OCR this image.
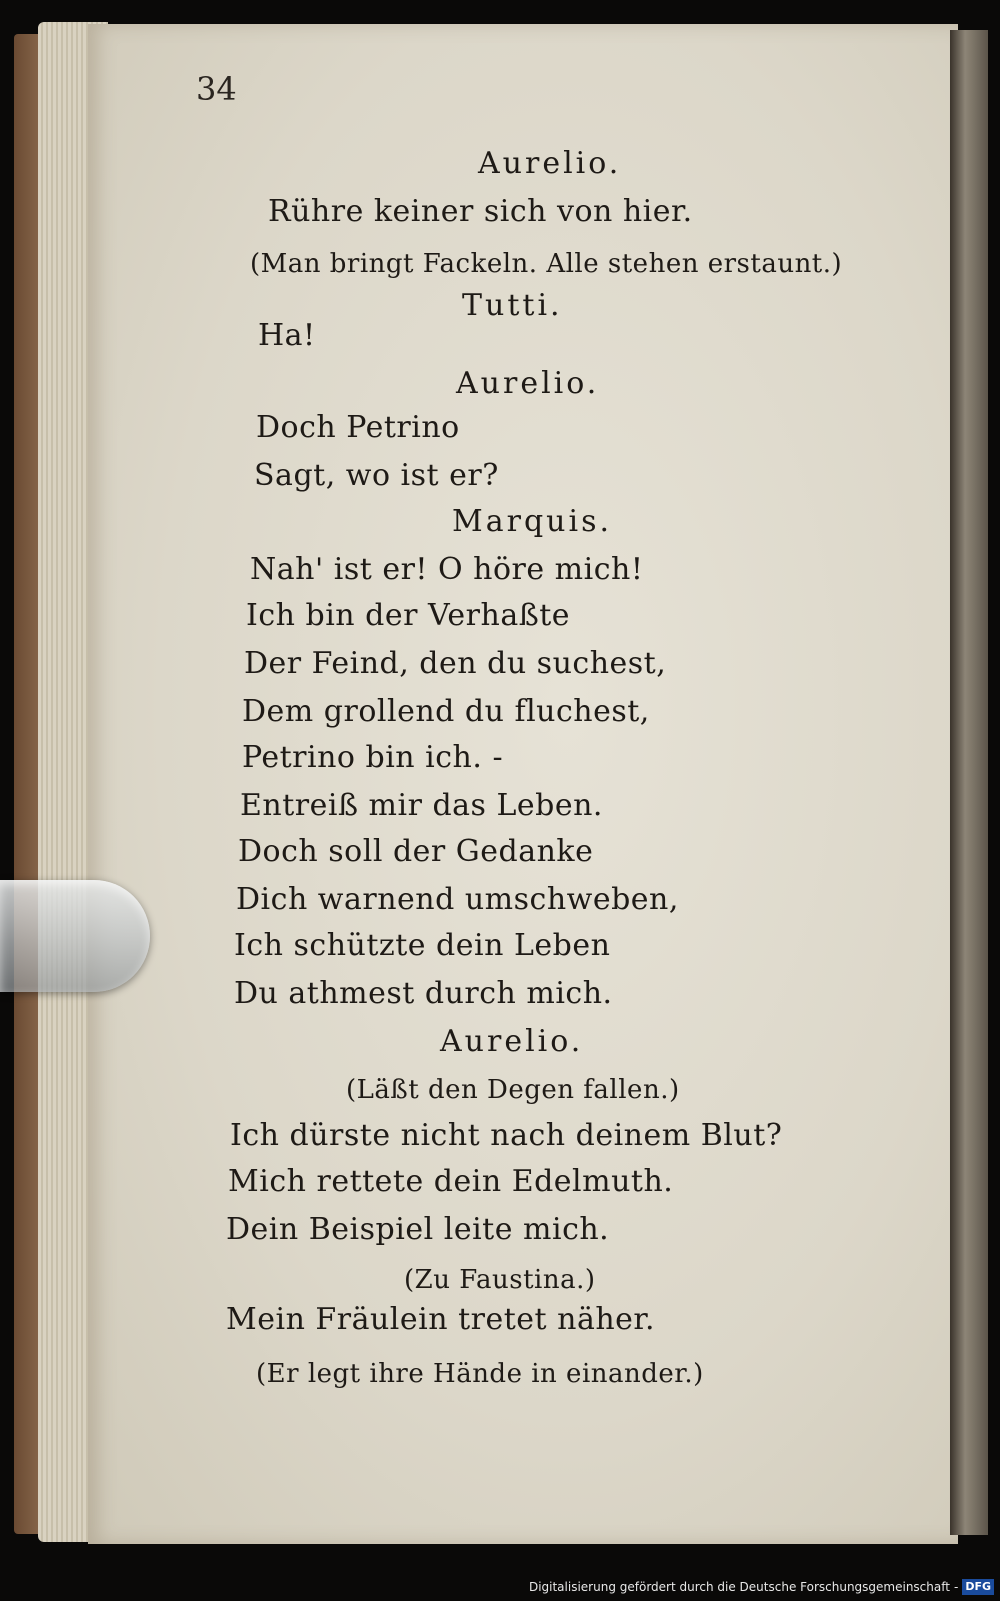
34
Aurelio.
Rühre keiner sich von hier.
(Man bringt Fackeln. Alle stehen erstaunt.)
Tutti.
Ha!
Aurelio.
Doch Petrino
Sagt, wo ist er?
Marquis.
Nah' ist er! O höre mich!
Ich bin der Verhaßte
Der Feind, den du suchest,
Dem grollend du fluchest,
Petrino bin ich. -
Entreiß mir das Leben.
Doch soll der Gedanke
Dich warnend umschweben,
Ich schützte dein Leben
Du athmest durch mich.
Aurelio.
(Läßt den Degen fallen.)
Ich dürste nicht nach deinem Blut?
Mich rettete dein Edelmuth.
Dein Beispiel leite mich.
(Zu Faustina.)
Mein Fräulein tretet näher.
(Er legt ihre Hände in einander.)
Digitalisierung gefördert durch die Deutsche Forschungsgemeinschaft - DFG
